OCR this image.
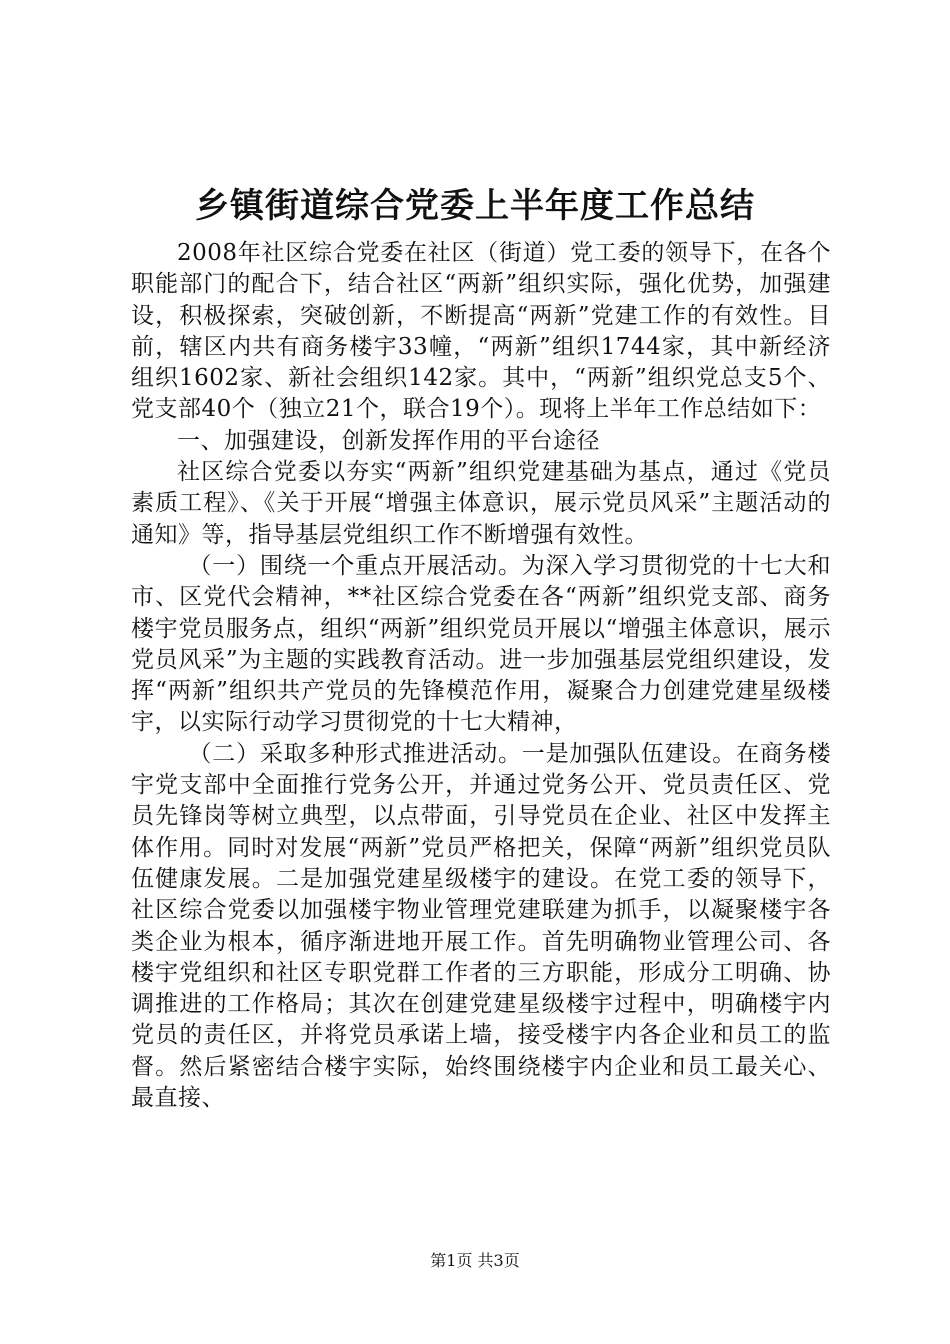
乡镇街道综合党委上半年度工作总结

2008年社区综合党委在社区（街道）党工委的领导下，在各个职能部门的配合下，结合社区“两新”组织实际，强化优势，加强建设，积极探索，突破创新，不断提高“两新”党建工作的有效性。目前，辖区内共有商务楼宇33幢，“两新”组织1744家，其中新经济组织1602家、新社会组织142家。其中，“两新”组织党总支5个、党支部40个（独立21个，联合19个）。现将上半年工作总结如下：

一、加强建设，创新发挥作用的平台途径

社区综合党委以夯实“两新”组织党建基础为基点，通过《党员素质工程》、《关于开展“增强主体意识，展示党员风采”主题活动的通知》等，指导基层党组织工作不断增强有效性。

（一）围绕一个重点开展活动。为深入学习贯彻党的十七大和市、区党代会精神，**社区综合党委在各“两新”组织党支部、商务楼宇党员服务点，组织“两新”组织党员开展以“增强主体意识，展示党员风采”为主题的实践教育活动。进一步加强基层党组织建设，发挥“两新”组织共产党员的先锋模范作用，凝聚合力创建党建星级楼宇，以实际行动学习贯彻党的十七大精神，

（二）采取多种形式推进活动。一是加强队伍建设。在商务楼宇党支部中全面推行党务公开，并通过党务公开、党员责任区、党员先锋岗等树立典型，以点带面，引导党员在企业、社区中发挥主体作用。同时对发展“两新”党员严格把关，保障“两新”组织党员队伍健康发展。二是加强党建星级楼宇的建设。在党工委的领导下，社区综合党委以加强楼宇物业管理党建联建为抓手，以凝聚楼宇各类企业为根本，循序渐进地开展工作。首先明确物业管理公司、各楼宇党组织和社区专职党群工作者的三方职能，形成分工明确、协调推进的工作格局；其次在创建党建星级楼宇过程中，明确楼宇内党员的责任区，并将党员承诺上墙，接受楼宇内各企业和员工的监督。然后紧密结合楼宇实际，始终围绕楼宇内企业和员工最关心、最直接、

第1页 共3页
